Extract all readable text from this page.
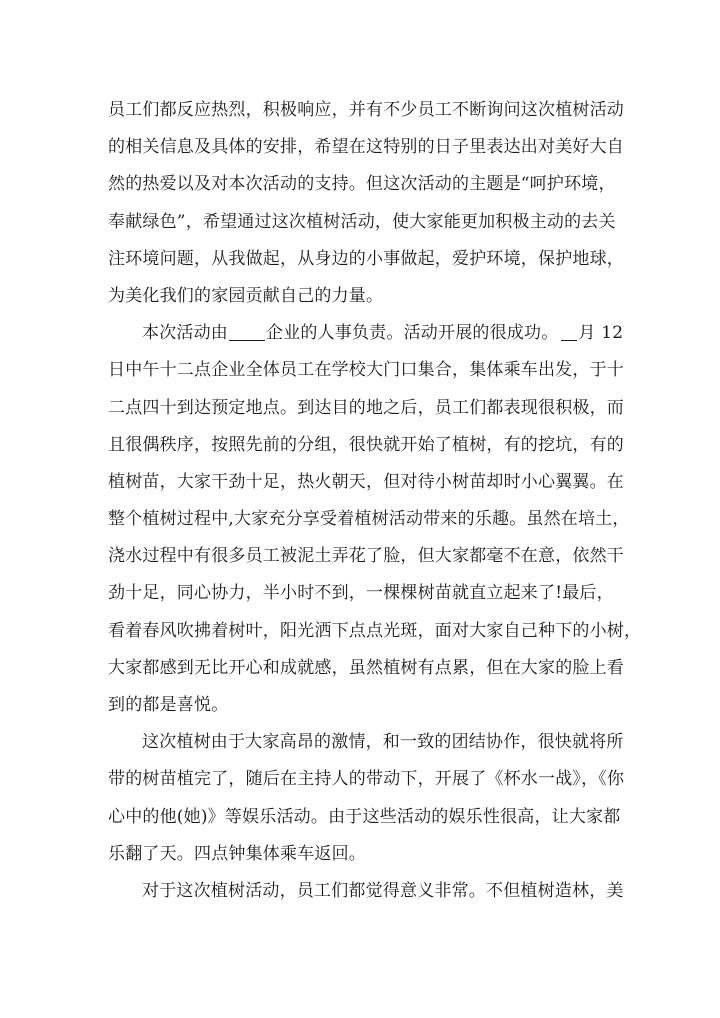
员工们都反应热烈，积极响应，并有不少员工不断询问这次植树活动
的相关信息及具体的安排，希望在这特别的日子里表达出对美好大自
然的热爱以及对本次活动的支持。但这次活动的主题是“呵护环境，
奉献绿色”，希望通过这次植树活动，使大家能更加积极主动的去关
注环境问题，从我做起，从身边的小事做起，爱护环境，保护地球，
为美化我们的家园贡献自己的力量。
本次活动由 企业的人事负责。活动开展的很成功。 月 12
日中午十二点企业全体员工在学校大门口集合，集体乘车出发，于十
二点四十到达预定地点。到达目的地之后，员工们都表现很积极，而
且很偶秩序，按照先前的分组，很快就开始了植树，有的挖坑，有的
植树苗，大家干劲十足，热火朝天，但对待小树苗却时小心翼翼。在
整个植树过程中,大家充分享受着植树活动带来的乐趣。虽然在培土，
浇水过程中有很多员工被泥土弄花了脸，但大家都毫不在意，依然干
劲十足，同心协力，半小时不到，一棵棵树苗就直立起来了!最后，
看着春风吹拂着树叶，阳光洒下点点光斑，面对大家自己种下的小树，
大家都感到无比开心和成就感，虽然植树有点累，但在大家的脸上看
到的都是喜悦。
这次植树由于大家高昂的激情，和一致的团结协作，很快就将所
带的树苗植完了，随后在主持人的带动下，开展了《杯水一战》，《你
心中的他(她)》等娱乐活动。由于这些活动的娱乐性很高，让大家都
乐翻了天。四点钟集体乘车返回。
对于这次植树活动，员工们都觉得意义非常。不但植树造林，美
